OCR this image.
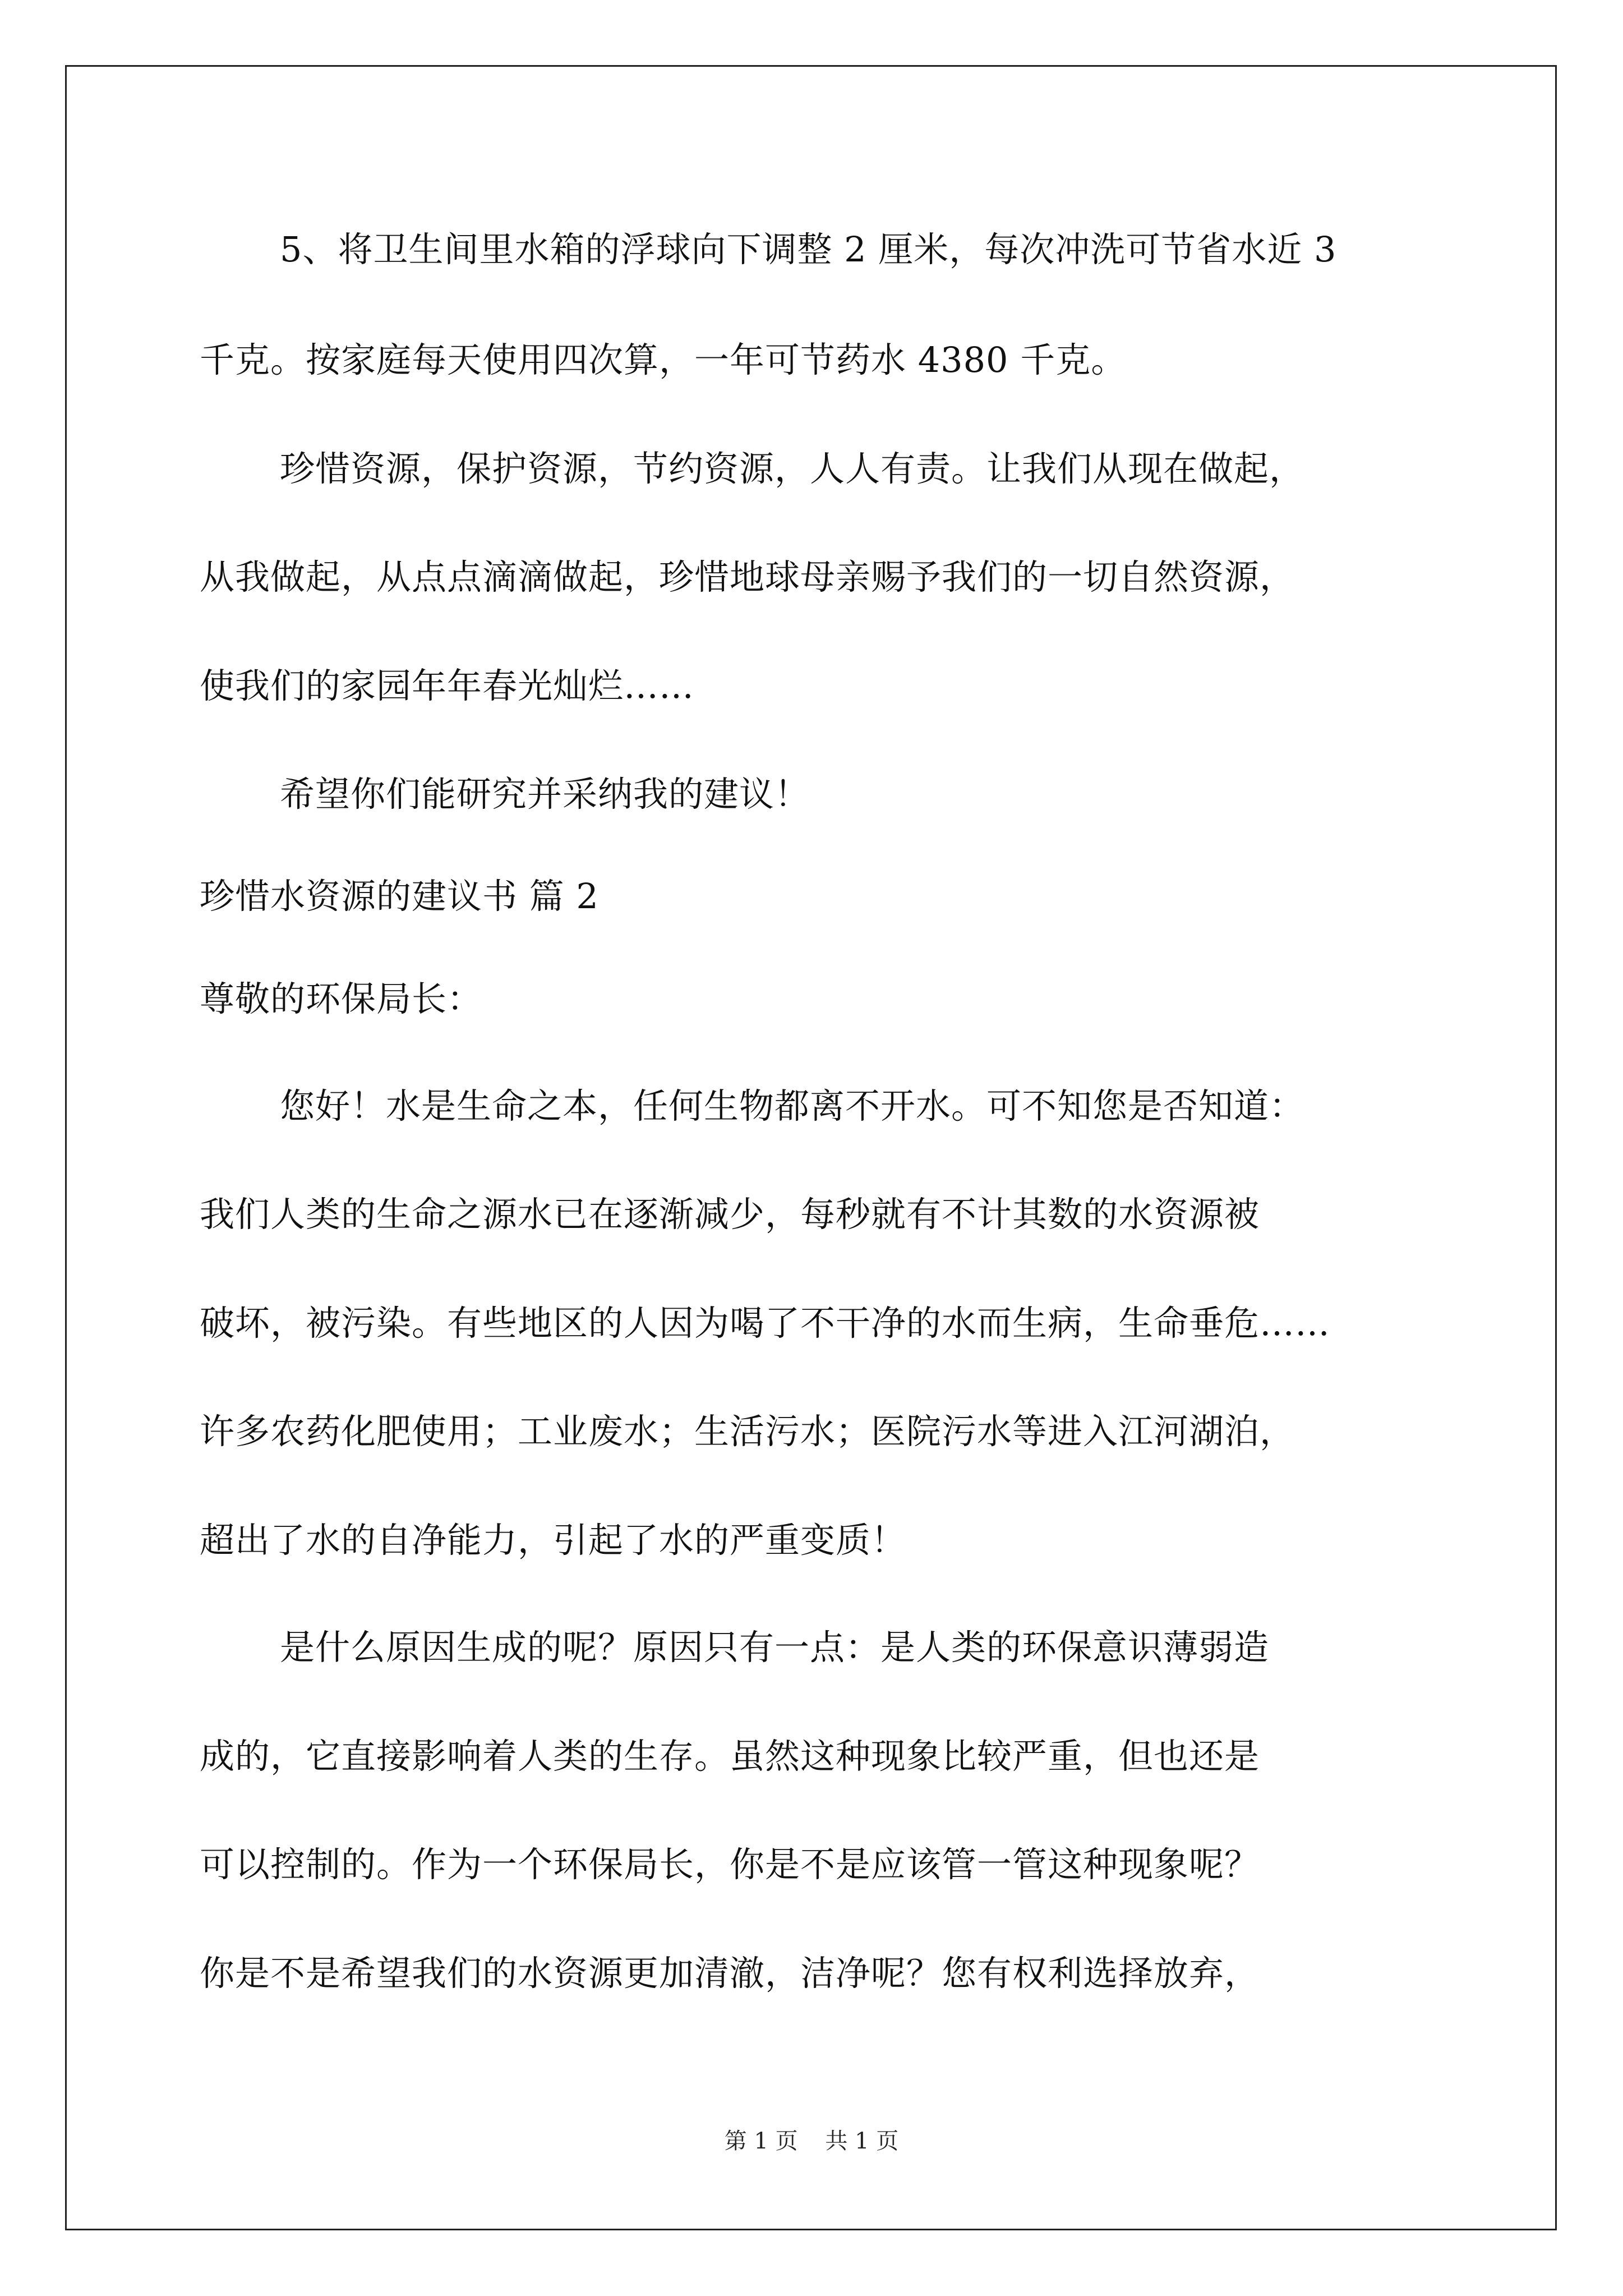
5、将卫生间里水箱的浮球向下调整 2 厘米，每次冲洗可节省水近 3
千克。按家庭每天使用四次算，一年可节药水 4380 千克。
珍惜资源，保护资源，节约资源，人人有责。让我们从现在做起，
从我做起，从点点滴滴做起，珍惜地球母亲赐予我们的一切自然资源，
使我们的家园年年春光灿烂……
希望你们能研究并采纳我的建议！
珍惜水资源的建议书 篇 2
尊敬的环保局长：
您好！水是生命之本，任何生物都离不开水。可不知您是否知道：
我们人类的生命之源水已在逐渐减少，每秒就有不计其数的水资源被
破坏，被污染。有些地区的人因为喝了不干净的水而生病，生命垂危……
许多农药化肥使用；工业废水；生活污水；医院污水等进入江河湖泊，
超出了水的自净能力，引起了水的严重变质！
是什么原因生成的呢？原因只有一点：是人类的环保意识薄弱造
成的，它直接影响着人类的生存。虽然这种现象比较严重，但也还是
可以控制的。作为一个环保局长，你是不是应该管一管这种现象呢？
你是不是希望我们的水资源更加清澈，洁净呢？您有权利选择放弃，
第 1 页 共 1 页
